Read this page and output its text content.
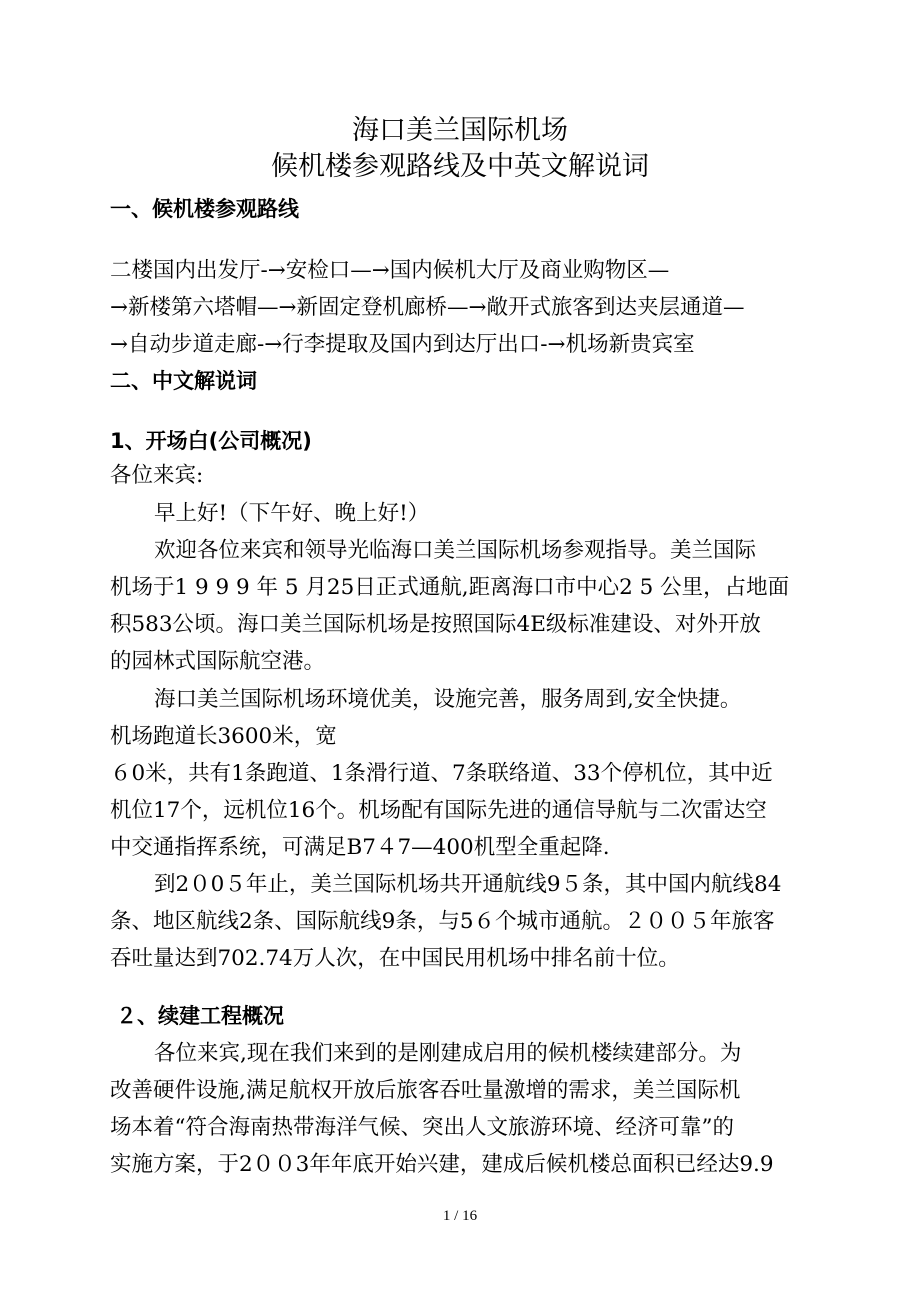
海口美兰国际机场
候机楼参观路线及中英文解说词
一、候机楼参观路线
二楼国内出发厅-→安检口—→国内候机大厅及商业购物区—
→新楼第六塔帽—→新固定登机廊桥—→敞开式旅客到达夹层通道—
→自动步道走廊-→行李提取及国内到达厅出口-→机场新贵宾室
二、中文解说词
1、开场白(公司概况)
各位来宾:
早上好!（下午好、晚上好!）
欢迎各位来宾和领导光临海口美兰国际机场参观指导。美兰国际
机场于1 9 9 9 年 5 月25日正式通航,距离海口市中心2 5 公里，占地面
积583公顷。海口美兰国际机场是按照国际4E级标准建设、对外开放
的园林式国际航空港。
海口美兰国际机场环境优美，设施完善，服务周到,安全快捷。
机场跑道长3600米，宽
６0米，共有1条跑道、1条滑行道、7条联络道、33个停机位，其中近
机位17个，远机位16个。机场配有国际先进的通信导航与二次雷达空
中交通指挥系统，可满足B7４7—400机型全重起降.
到2０0５年止，美兰国际机场共开通航线9５条，其中国内航线84
条、地区航线2条、国际航线9条，与5６个城市通航。２００５年旅客
吞吐量达到702.74万人次，在中国民用机场中排名前十位。
２、续建工程概况
各位来宾,现在我们来到的是刚建成启用的候机楼续建部分。为
改善硬件设施,满足航权开放后旅客吞吐量激增的需求，美兰国际机
场本着“符合海南热带海洋气候、突出人文旅游环境、经济可靠”的
实施方案，于2００3年年底开始兴建，建成后候机楼总面积已经达9.9
1 / 16
